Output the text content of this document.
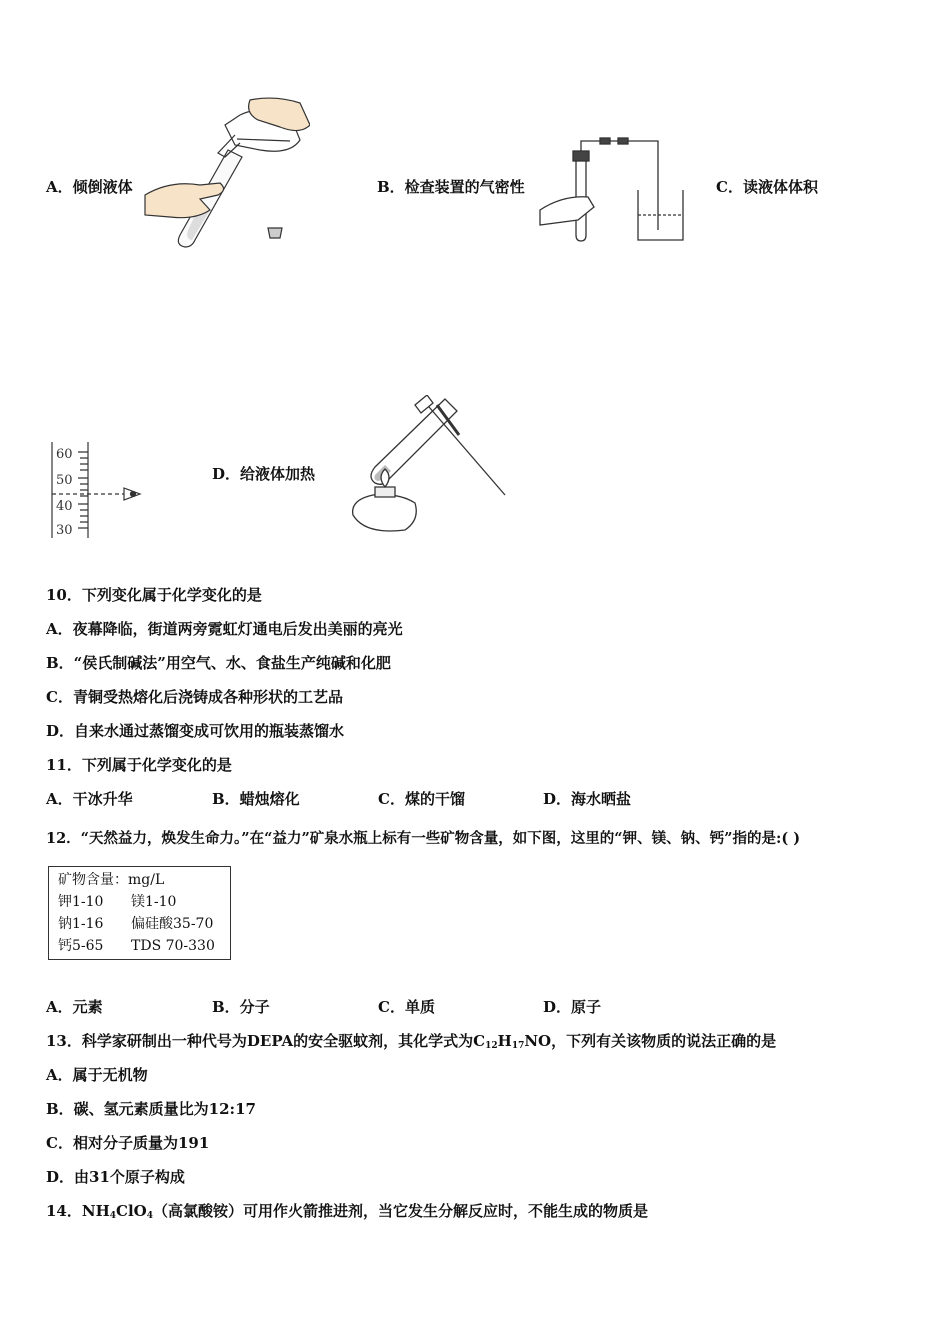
A．倾倒液体	B．检查装置的气密性	C．读液体体积
60
50
40
30
D．给液体加热
10．下列变化属于化学变化的是
A．夜幕降临，街道两旁霓虹灯通电后发出美丽的亮光
B．“侯氏制碱法”用空气、水、食盐生产纯碱和化肥
C．青铜受热熔化后浇铸成各种形状的工艺品
D．自来水通过蒸馏变成可饮用的瓶装蒸馏水
11．下列属于化学变化的是
A．干冰升华	B．蜡烛熔化	C．煤的干馏	D．海水晒盐
12．“天然益力，焕发生命力。”在“益力”矿泉水瓶上标有一些矿物含量，如下图，这里的“钾、镁、钠、钙”指的是:( )
矿物含量：mg/L
钾1-10 镁1-10
钠1-16 偏硅酸35-70
钙5-65 TDS 70-330
A．元素	B．分子	C．单质	D．原子
13．科学家研制出一种代号为DEPA的安全驱蚊剂，其化学式为$C_{12}H_{17}NO$，下列有关该物质的说法正确的是
A．属于无机物
B．碳、氢元素质量比为12:17
C．相对分子质量为191
D．由31个原子构成
14．$NH_4ClO_4$（高氯酸铵）可用作火箭推进剂，当它发生分解反应时，不能生成的物质是
